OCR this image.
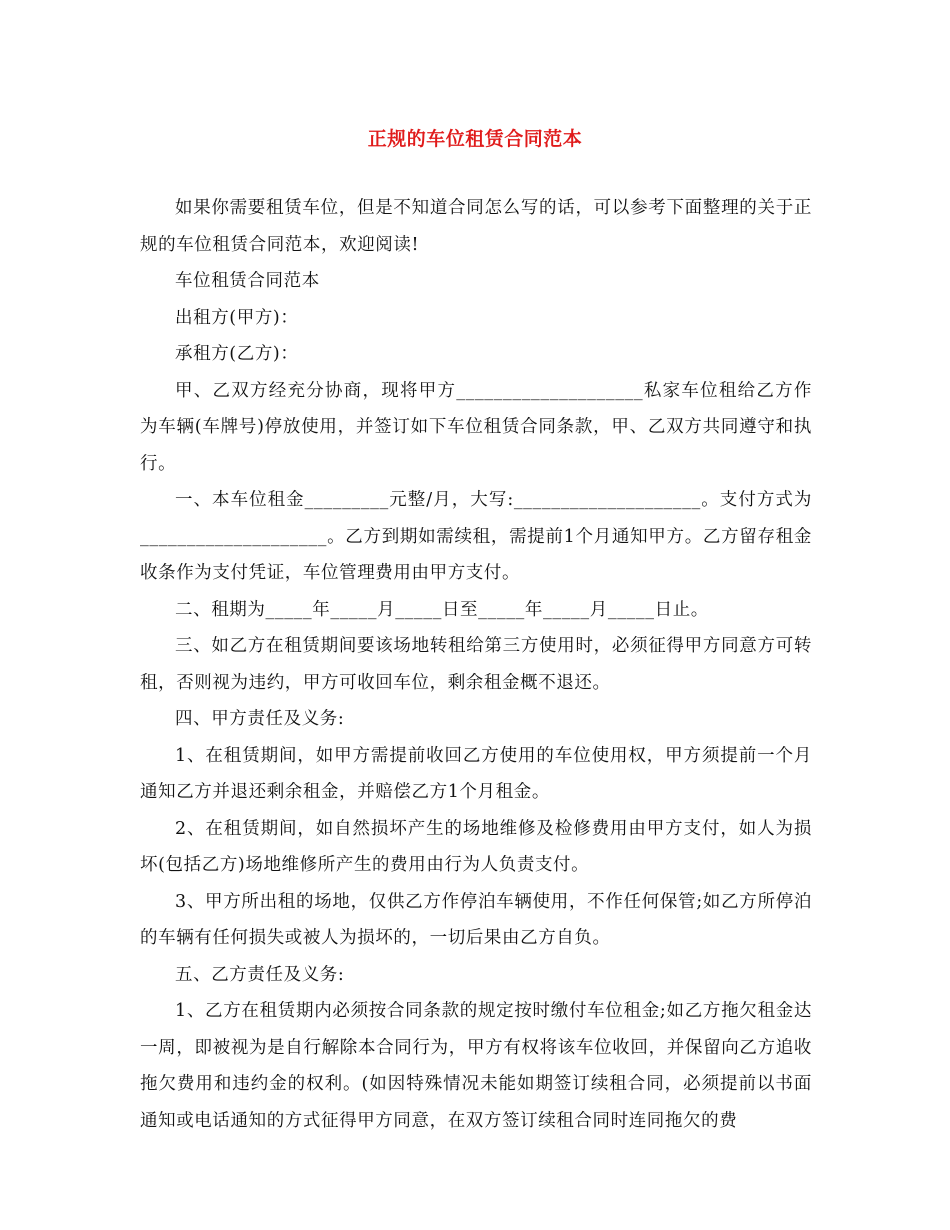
正规的车位租赁合同范本

如果你需要租赁车位，但是不知道合同怎么写的话，可以参考下面整理的关于正规的车位租赁合同范本，欢迎阅读!

车位租赁合同范本

出租方(甲方)：

承租方(乙方)：

甲、乙双方经充分协商，现将甲方____________________私家车位租给乙方作为车辆(车牌号)停放使用，并签订如下车位租赁合同条款，甲、乙双方共同遵守和执行。

一、本车位租金_________元整/月，大写:____________________。支付方式为____________________。乙方到期如需续租，需提前1个月通知甲方。乙方留存租金收条作为支付凭证，车位管理费用由甲方支付。

二、租期为_____年_____月_____日至_____年_____月_____日止。

三、如乙方在租赁期间要该场地转租给第三方使用时，必须征得甲方同意方可转租，否则视为违约，甲方可收回车位，剩余租金概不退还。

四、甲方责任及义务:

1、在租赁期间，如甲方需提前收回乙方使用的车位使用权，甲方须提前一个月通知乙方并退还剩余租金，并赔偿乙方1个月租金。

2、在租赁期间，如自然损坏产生的场地维修及检修费用由甲方支付，如人为损坏(包括乙方)场地维修所产生的费用由行为人负责支付。

3、甲方所出租的场地，仅供乙方作停泊车辆使用，不作任何保管;如乙方所停泊的车辆有任何损失或被人为损坏的，一切后果由乙方自负。

五、乙方责任及义务:

1、乙方在租赁期内必须按合同条款的规定按时缴付车位租金;如乙方拖欠租金达一周，即被视为是自行解除本合同行为，甲方有权将该车位收回，并保留向乙方追收拖欠费用和违约金的权利。(如因特殊情况未能如期签订续租合同，必须提前以书面通知或电话通知的方式征得甲方同意，在双方签订续租合同时连同拖欠的费
